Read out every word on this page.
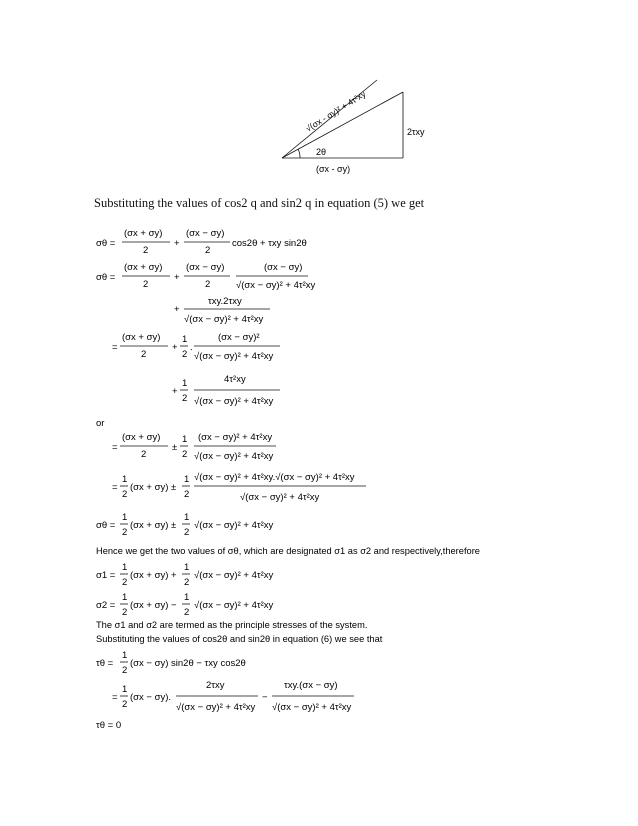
√(σx - σy)² + 4τ²xy	2τxy
2θ
(σx - σy)
Substituting the values of cos2 q and sin2 q in equation (5) we get
σθ =
(σx + σy)
2
+
(σx − σy)
2
cos2θ + τxy sin2θ
σθ =
(σx + σy)
2
+
(σx − σy)
2
(σx − σy)
√(σx − σy)² + 4τ²xy
+
τxy.2τxy
√(σx − σy)² + 4τ²xy
=
(σx + σy)
2
+
1
2
.
(σx − σy)²
√(σx − σy)² + 4τ²xy
+
1
2
4τ²xy
√(σx − σy)² + 4τ²xy
or
=
(σx + σy)
2
±
1
2
(σx − σy)² + 4τ²xy
√(σx − σy)² + 4τ²xy
=
1
2
(σx + σy) ±
1
2
√(σx − σy)² + 4τ²xy.√(σx − σy)² + 4τ²xy
√(σx − σy)² + 4τ²xy
σθ =
1
2
(σx + σy) ±
1
2
√(σx − σy)² + 4τ²xy
Hence we get the two values of σθ, which are designated σ1 as σ2 and respectively,therefore
σ1 =
1
2
(σx + σy) +
1
2
√(σx − σy)² + 4τ²xy
σ2 =
1
2
(σx + σy) −
1
2
√(σx − σy)² + 4τ²xy
The σ1 and σ2 are termed as the principle stresses of the system.
Substituting the values of cos2θ and sin2θ in equation (6) we see that
τθ =
1
2
(σx − σy) sin2θ − τxy cos2θ
=
1
2
(σx − σy).
2τxy
√(σx − σy)² + 4τ²xy
−
τxy.(σx − σy)
√(σx − σy)² + 4τ²xy
τθ = 0
